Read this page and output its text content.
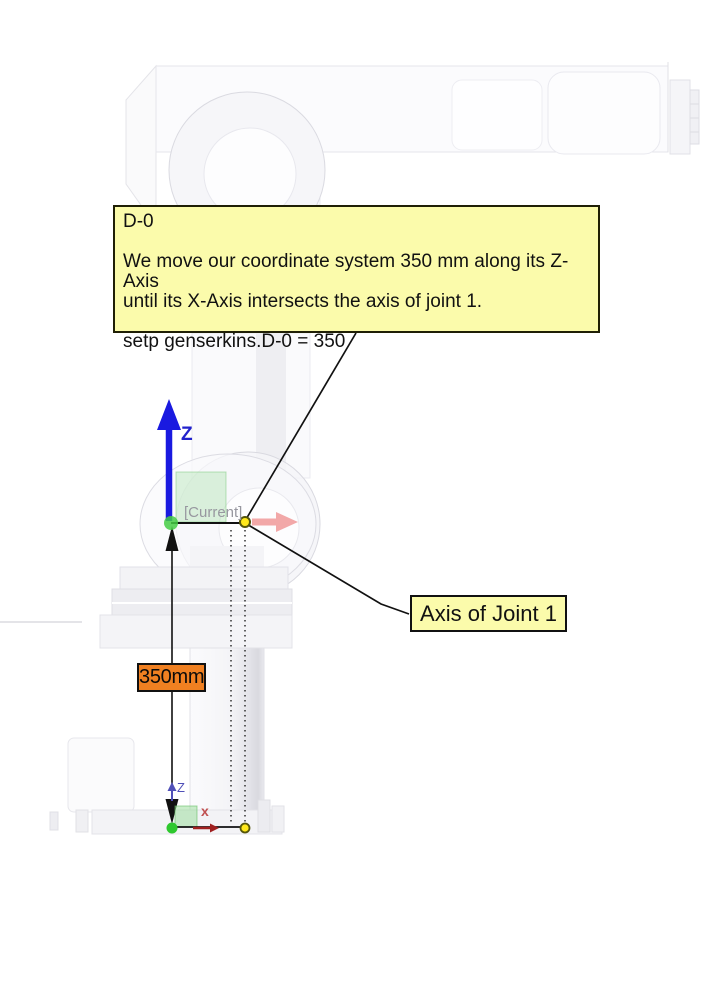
D-0
We move our coordinate system 350 mm along its Z-Axis
until its X-Axis intersects the axis of joint 1.
setp genserkins.D-0 = 350
Axis of Joint 1
350mm
Z
[Current]
Z
x
